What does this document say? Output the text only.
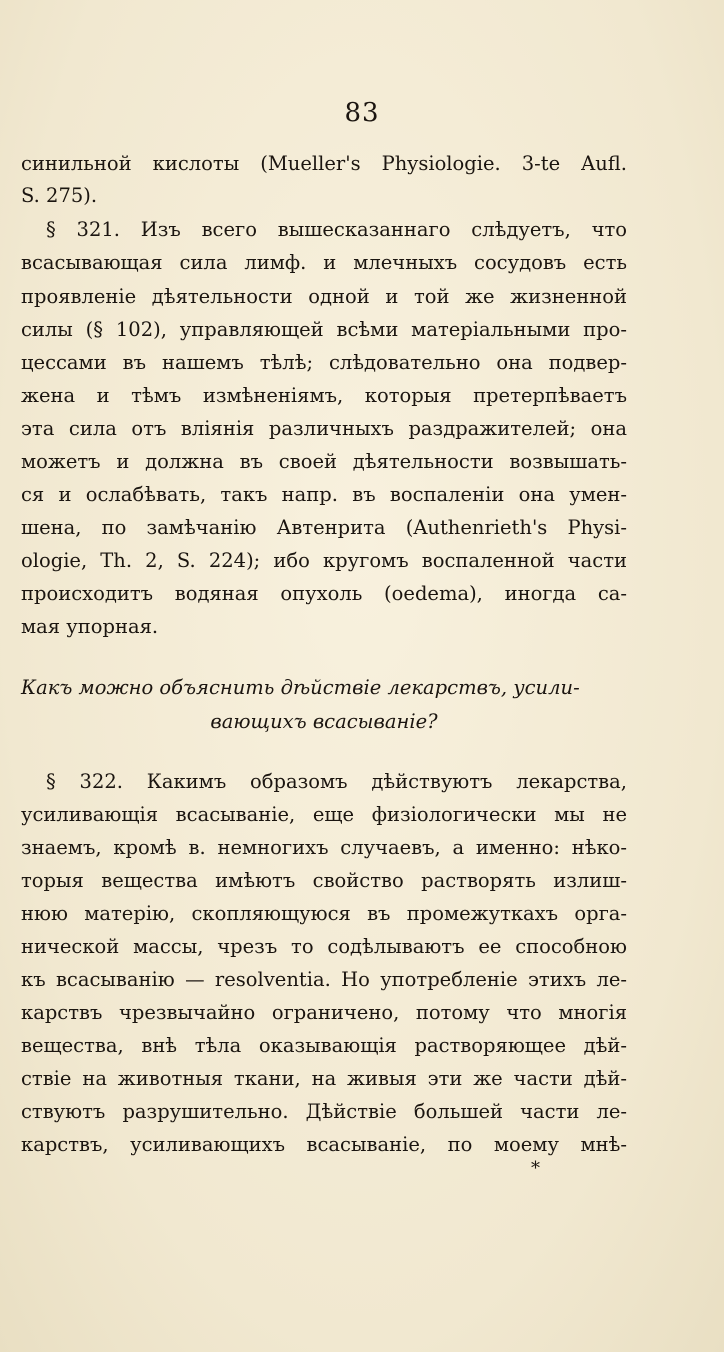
83
синильной кислоты (Mueller's Physiologie. 3-te Aufl.
S. 275).
§ 321. Изъ всего вышесказаннаго слѣдуетъ, что
всасывающая сила лимф. и млечныхъ сосудовъ есть
проявленіе дѣятельности одной и той же жизненной
силы (§ 102), управляющей всѣми матеріальными про-
цессами въ нашемъ тѣлѣ; слѣдовательно она подвер-
жена и тѣмъ измѣненіямъ, которыя претерпѣваетъ
эта сила отъ вліянія различныхъ раздражителей; она
можетъ и должна въ своей дѣятельности возвышать-
ся и ослабѣвать, такъ напр. въ воспаленіи она умен-
шена, по замѣчанію Автенрита (Authenrieth's Physi-
ologie, Th. 2, S. 224); ибо кругомъ воспаленной части
происходитъ водяная опухоль (oedema), иногда са-
мая упорная.
§ 322. Какимъ образомъ дѣйствуютъ лекарства,
усиливающія всасываніе, еще физіологически мы не
знаемъ, кромѣ в. немногихъ случаевъ, а именно: нѣко-
торыя вещества имѣютъ свойство растворять излиш-
нюю матерію, скопляющуюся въ промежуткахъ орга-
нической массы, чрезъ то содѣлываютъ ее способною
къ всасыванію — resolventia. Но употребленіе этихъ ле-
карствъ чрезвычайно ограничено, потому что многія
вещества, внѣ тѣла оказывающія растворяющее дѣй-
ствіе на животныя ткани, на живыя эти же части дѣй-
ствуютъ разрушительно. Дѣйствіе большей части ле-
карствъ, усиливающихъ всасываніе, по моему мнѣ-
Какъ можно объяснить дѣйствіе лекарствъ, усили-
вающихъ всасываніе?
*
